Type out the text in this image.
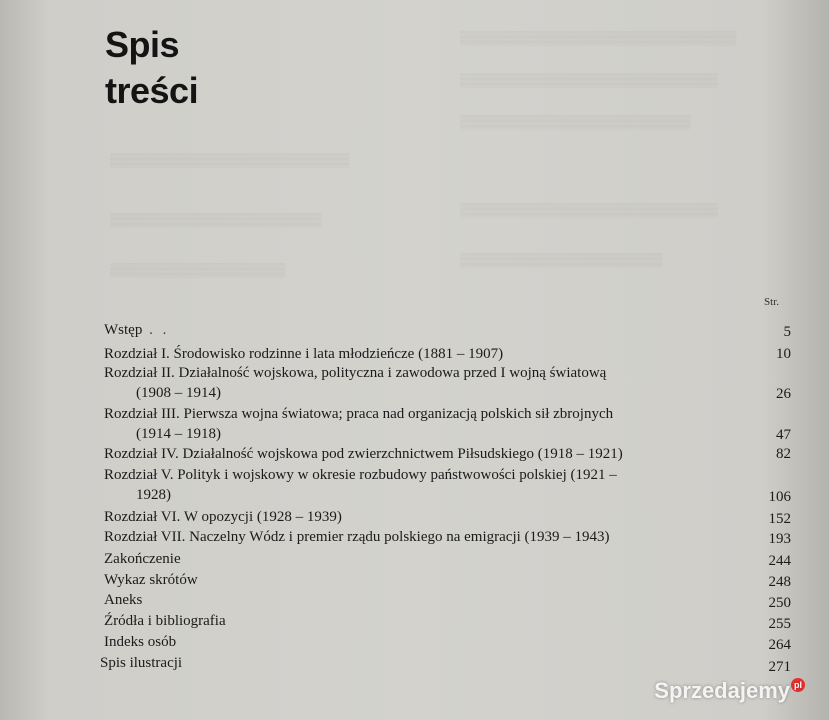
▒▒▒▒▒▒▒▒▒▒▒▒▒▒▒▒▒▒▒▒▒▒▒▒▒▒▒▒▒▒
▒▒▒▒▒▒▒▒▒▒▒▒▒▒▒▒▒▒▒▒▒▒▒▒▒▒▒▒
▒▒▒▒▒▒▒▒▒▒▒▒▒▒▒▒▒▒▒▒▒▒▒▒▒
▒▒▒▒▒▒▒▒▒▒▒▒▒▒▒▒▒▒▒▒▒▒▒▒▒▒
▒▒▒▒▒▒▒▒▒▒▒▒▒▒▒▒▒▒▒▒▒▒▒
▒▒▒▒▒▒▒▒▒▒▒▒▒▒▒▒▒▒▒▒▒▒▒▒▒▒▒▒
▒▒▒▒▒▒▒▒▒▒▒▒▒▒▒▒▒▒▒
▒▒▒▒▒▒▒▒▒▒▒▒▒▒▒▒▒▒▒▒▒▒
Spis
treści
Str.
Wstęp . .	5
Rozdział I. Środowisko rodzinne i lata młodzieńcze (1881 – 1907)	10
Rozdział II. Działalność wojskowa, polityczna i zawodowa przed I wojną światową
(1908 – 1914)	26
Rozdział III. Pierwsza wojna światowa; praca nad organizacją polskich sił zbrojnych
(1914 – 1918)	47
Rozdział IV. Działalność wojskowa pod zwierzchnictwem Piłsudskiego (1918 – 1921)	82
Rozdział V. Polityk i wojskowy w okresie rozbudowy państwowości polskiej (1921 –
1928)	106
Rozdział VI. W opozycji (1928 – 1939)	152
Rozdział VII. Naczelny Wódz i premier rządu polskiego na emigracji (1939 – 1943)	193
Zakończenie	244
Wykaz skrótów	248
Aneks	250
Źródła i bibliografia	255
Indeks osób	264
Spis ilustracji	271
Sprzedajemy pl
